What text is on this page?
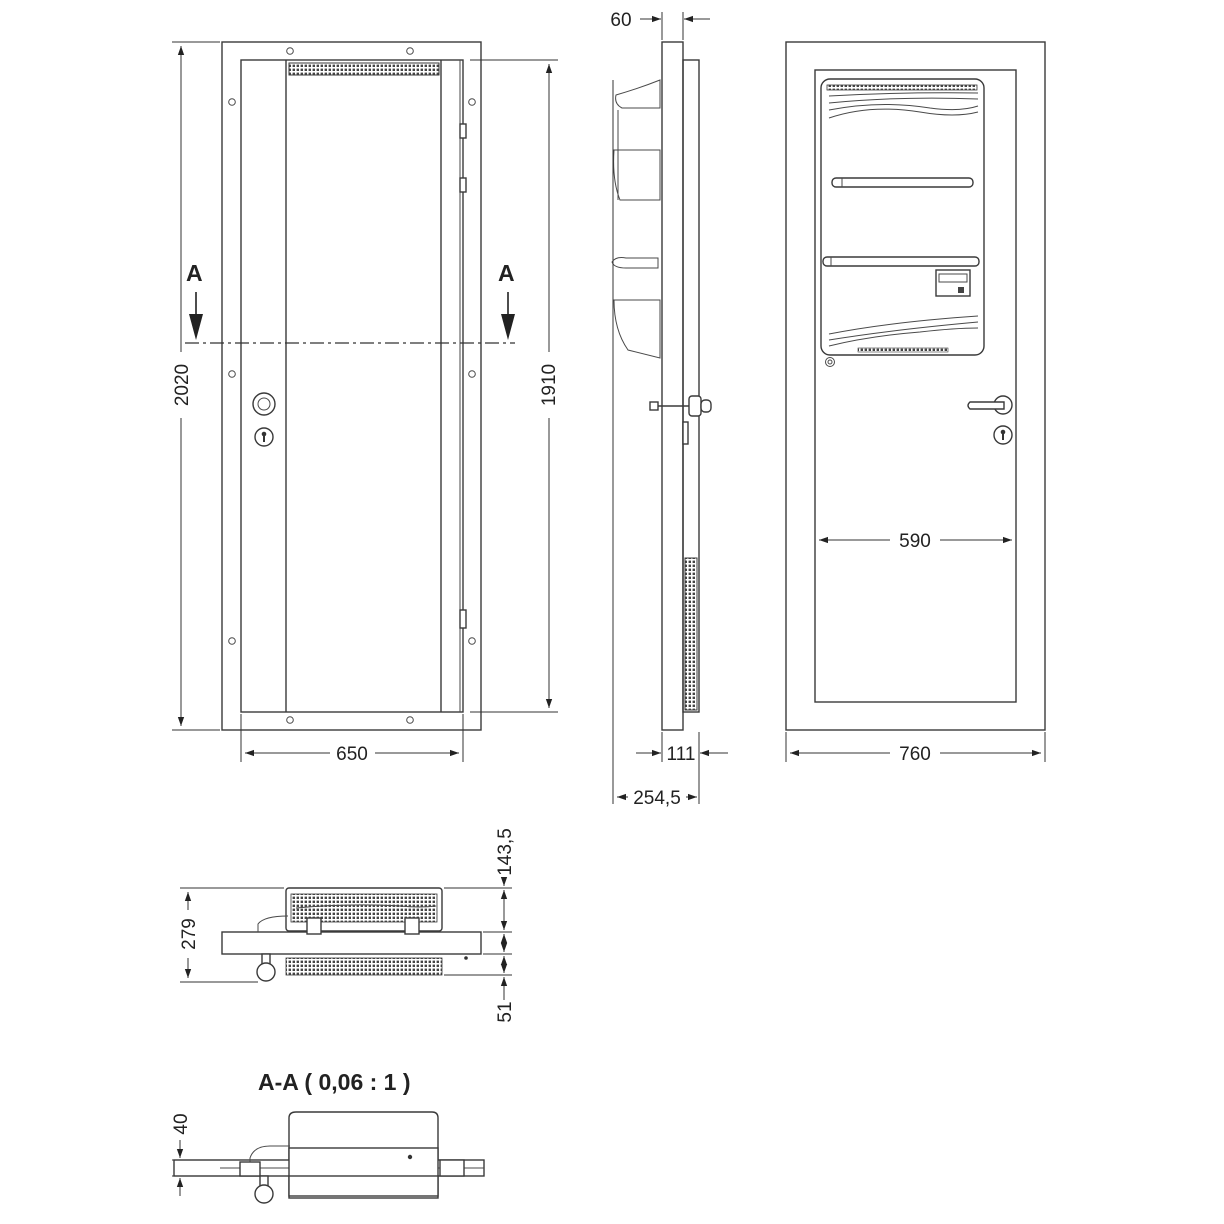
A	A
2020	1910
650
60
111
254,5
590
760
279
143,5
51
A-A ( 0,06 : 1 )
40
